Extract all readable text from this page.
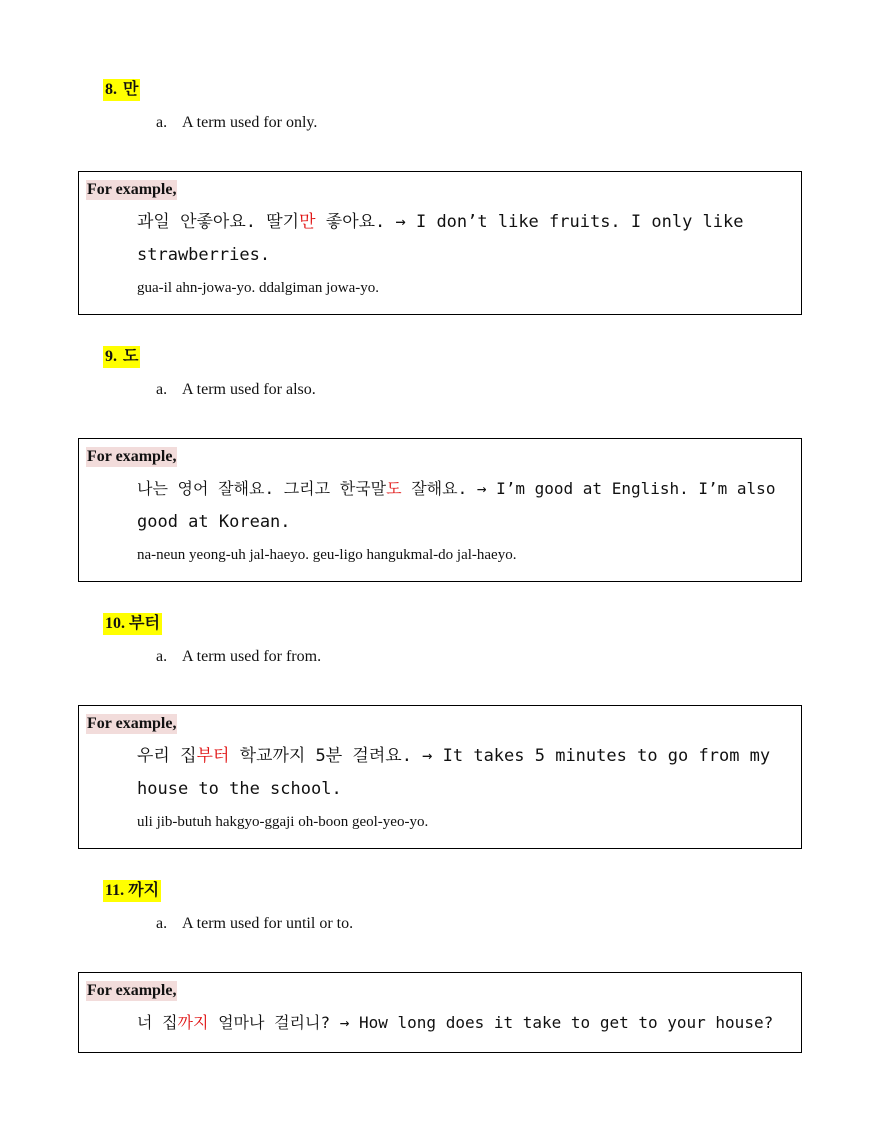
8. 만
a. A term used for only.
For example,
과일 안좋아요. 딸기만 좋아요. → I don’t like fruits. I only like
strawberries.
gua-il ahn-jowa-yo. ddalgiman jowa-yo.
9. 도
a. A term used for also.
For example,
나는 영어 잘해요. 그리고 한국말도 잘해요. → I’m good at English. I’m also
good at Korean.
na-neun yeong-uh jal-haeyo. geu-ligo hangukmal-do jal-haeyo.
10. 부터
a. A term used for from.
For example,
우리 집부터 학교까지 5분 걸려요. → It takes 5 minutes to go from my
house to the school.
uli jib-butuh hakgyo-ggaji oh-boon geol-yeo-yo.
11. 까지
a. A term used for until or to.
For example,
너 집까지 얼마나 걸리니? → How long does it take to get to your house?
